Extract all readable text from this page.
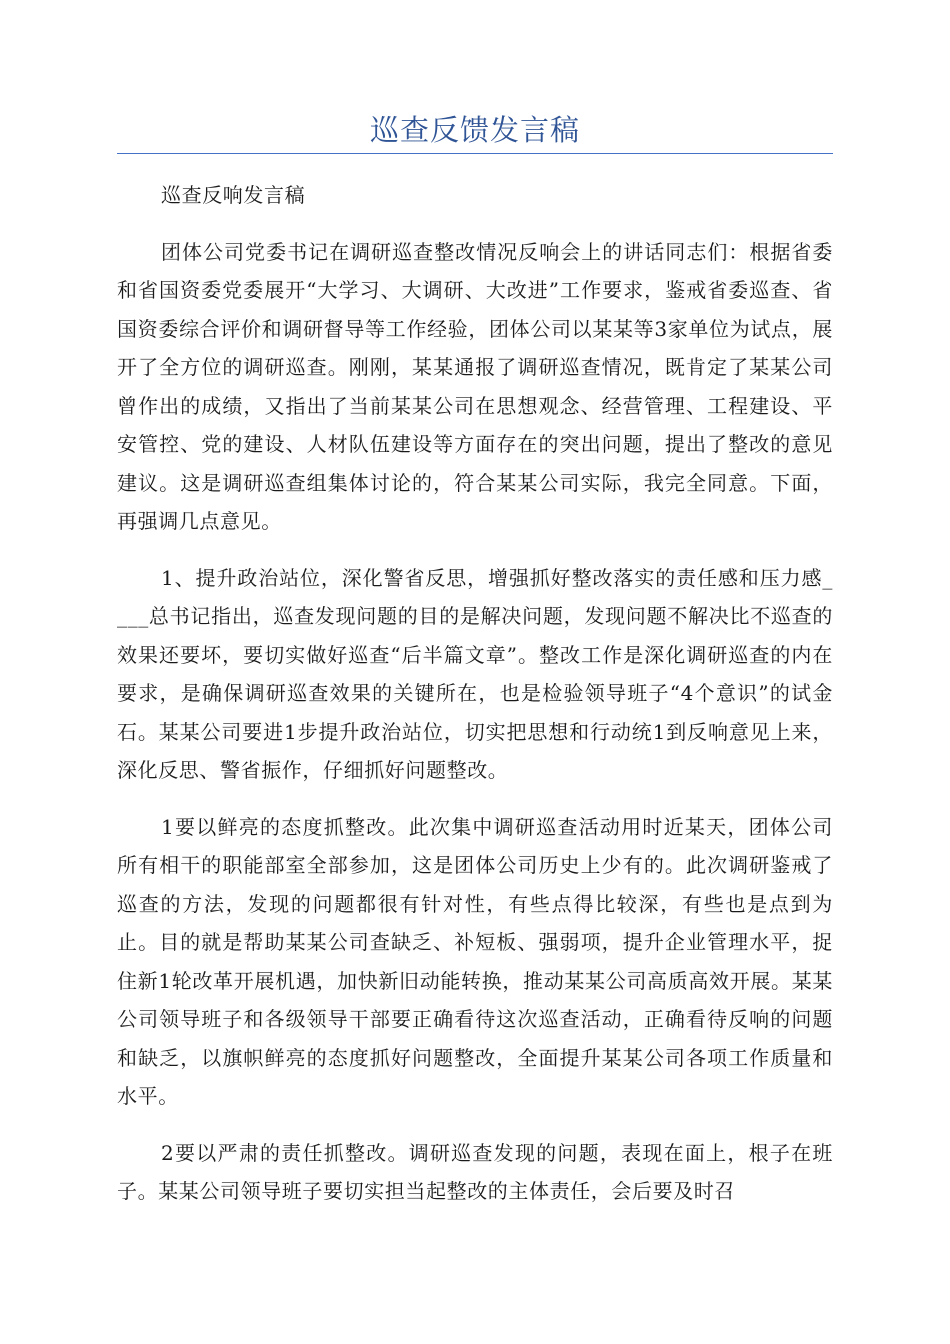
巡查反馈发言稿

巡查反响发言稿

团体公司党委书记在调研巡查整改情况反响会上的讲话同志们：根据省委和省国资委党委展开“大学习、大调研、大改进”工作要求，鉴戒省委巡查、省国资委综合评价和调研督导等工作经验，团体公司以某某等3家单位为试点，展开了全方位的调研巡查。刚刚，某某通报了调研巡查情况，既肯定了某某公司曾作出的成绩，又指出了当前某某公司在思想观念、经营管理、工程建设、平安管控、党的建设、人材队伍建设等方面存在的突出问题，提出了整改的意见建议。这是调研巡查组集体讨论的，符合某某公司实际，我完全同意。下面，再强调几点意见。

1、提升政治站位，深化警省反思，增强抓好整改落实的责任感和压力感____总书记指出，巡查发现问题的目的是解决问题，发现问题不解决比不巡查的效果还要坏，要切实做好巡查“后半篇文章”。整改工作是深化调研巡查的内在要求，是确保调研巡查效果的关键所在，也是检验领导班子“4个意识”的试金石。某某公司要进1步提升政治站位，切实把思想和行动统1到反响意见上来，深化反思、警省振作，仔细抓好问题整改。

1要以鲜亮的态度抓整改。此次集中调研巡查活动用时近某天，团体公司所有相干的职能部室全部参加，这是团体公司历史上少有的。此次调研鉴戒了巡查的方法，发现的问题都很有针对性，有些点得比较深，有些也是点到为止。目的就是帮助某某公司查缺乏、补短板、强弱项，提升企业管理水平，捉住新1轮改革开展机遇，加快新旧动能转换，推动某某公司高质高效开展。某某公司领导班子和各级领导干部要正确看待这次巡查活动，正确看待反响的问题和缺乏，以旗帜鲜亮的态度抓好问题整改，全面提升某某公司各项工作质量和水平。

2要以严肃的责任抓整改。调研巡查发现的问题，表现在面上，根子在班子。某某公司领导班子要切实担当起整改的主体责任，会后要及时召
